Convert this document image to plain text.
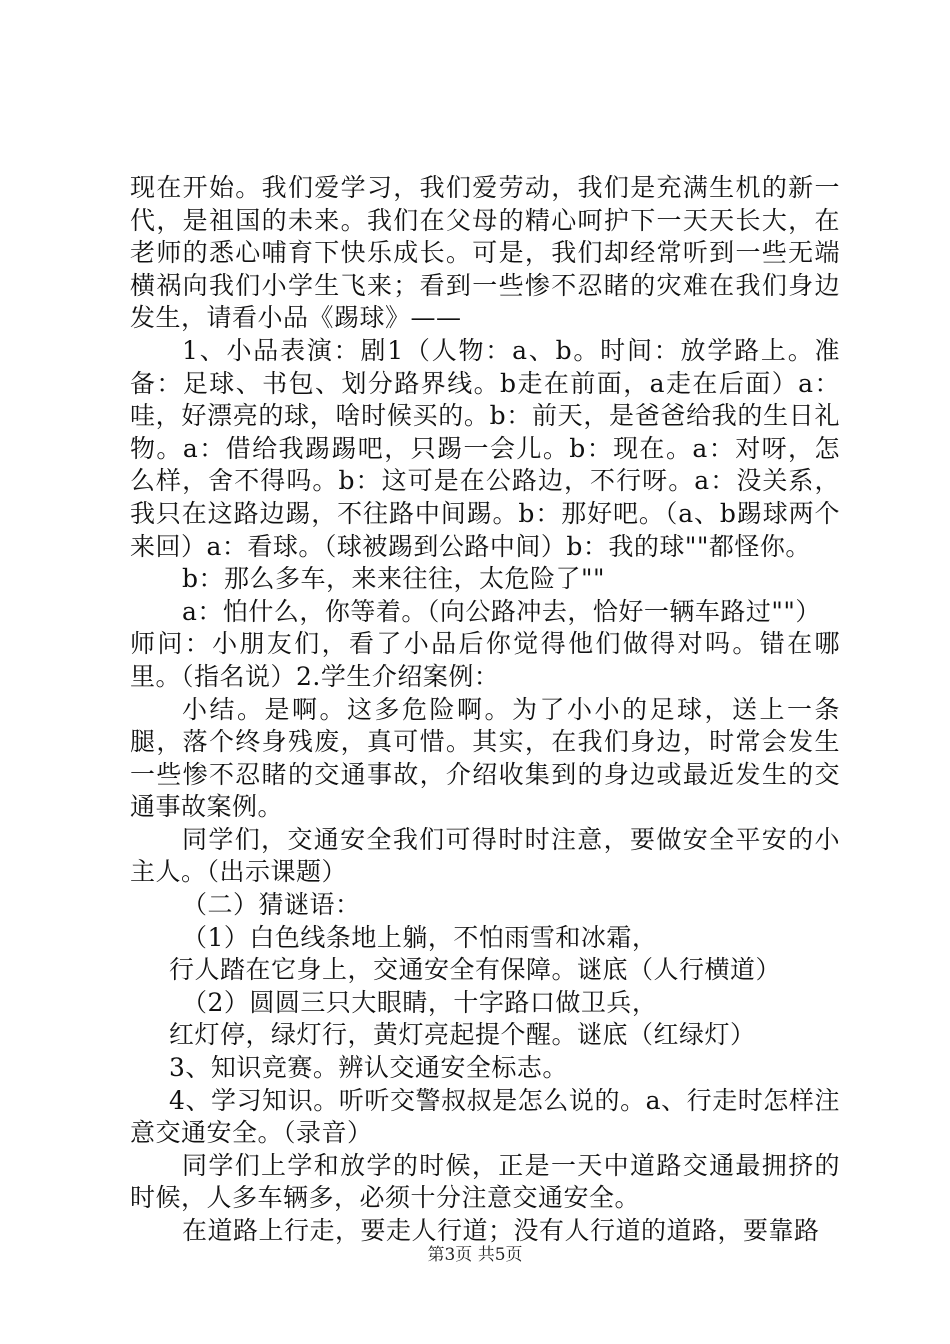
现在开始。我们爱学习，我们爱劳动，我们是充满生机的新一代，是祖国的未来。我们在父母的精心呵护下一天天长大，在老师的悉心哺育下快乐成长。可是，我们却经常听到一些无端横祸向我们小学生飞来；看到一些惨不忍睹的灾难在我们身边发生，请看小品《踢球》——

1、小品表演：剧1（人物：a、b。时间：放学路上。准备：足球、书包、划分路界线。b走在前面，a走在后面）a：哇，好漂亮的球，啥时候买的。b：前天，是爸爸给我的生日礼物。a：借给我踢踢吧，只踢一会儿。b：现在。a：对呀，怎么样，舍不得吗。b：这可是在公路边，不行呀。a：没关系，我只在这路边踢，不往路中间踢。b：那好吧。（a、b踢球两个来回）a：看球。（球被踢到公路中间）b：我的球""都怪你。

b：那么多车，来来往往，太危险了""

a：怕什么，你等着。（向公路冲去，恰好一辆车路过""）

师问：小朋友们，看了小品后你觉得他们做得对吗。错在哪里。（指名说）2.学生介绍案例：

小结。是啊。这多危险啊。为了小小的足球，送上一条腿，落个终身残废，真可惜。其实，在我们身边，时常会发生一些惨不忍睹的交通事故，介绍收集到的身边或最近发生的交通事故案例。

同学们，交通安全我们可得时时注意，要做安全平安的小主人。（出示课题）

（二）猜谜语：

（1）白色线条地上躺，不怕雨雪和冰霜，

行人踏在它身上，交通安全有保障。谜底（人行横道）

（2）圆圆三只大眼睛，十字路口做卫兵，

红灯停，绿灯行，黄灯亮起提个醒。谜底（红绿灯）

3、知识竞赛。辨认交通安全标志。

4、学习知识。听听交警叔叔是怎么说的。a、行走时怎样注意交通安全。（录音）

同学们上学和放学的时候，正是一天中道路交通最拥挤的时候，人多车辆多，必须十分注意交通安全。

在道路上行走，要走人行道；没有人行道的道路，要靠路

第3页 共5页
